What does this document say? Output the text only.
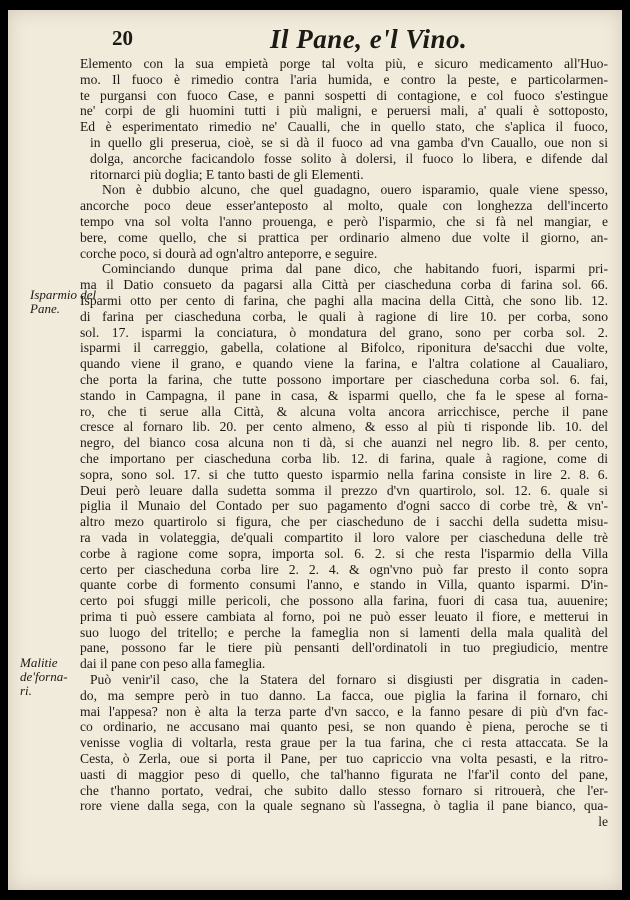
20	Il Pane, e'l Vino.
Isparmio del
Pane.
Malitie
de'forna-
ri.
Elemento con la sua empietà porge tal volta più, e sicuro medicamento all'Huo-
mo. Il fuoco è rimedio contra l'aria humida, e contro la peste, e particolarmen-
te purgansi con fuoco Case, e panni sospetti di contagione, e col fuoco s'estingue
ne' corpi de gli huomini tutti i più maligni, e peruersi mali, a' quali è sottoposto,
Ed è esperimentato rimedio ne' Caualli, che in quello stato, che s'aplica il fuoco,
in quello gli preserua, cioè, se si dà il fuoco ad vna gamba d'vn Cauallo, oue non si
dolga, ancorche facicandolo fosse solito à dolersi, il fuoco lo libera, e difende dal
ritornarci più doglia; E tanto basti de gli Elementi.
Non è dubbio alcuno, che quel guadagno, ouero isparamio, quale viene spesso,
ancorche poco deue esser'anteposto al molto, quale con longhezza dell'incerto
tempo vna sol volta l'anno prouenga, e però l'isparmio, che si fà nel mangiar, e
bere, come quello, che si prattica per ordinario almeno due volte il giorno, an-
corche poco, si dourà ad ogn'altro anteporre, e seguire.
Cominciando dunque prima dal pane dico, che habitando fuori, isparmi pri-
ma il Datio consueto da pagarsi alla Città per ciascheduna corba di farina sol. 66.
Isparmi otto per cento di farina, che paghi alla macina della Città, che sono lib. 12.
di farina per ciascheduna corba, le quali à ragione di lire 10. per corba, sono
sol. 17. isparmi la conciatura, ò mondatura del grano, sono per corba sol. 2.
isparmi il carreggio, gabella, colatione al Bifolco, riponitura de'sacchi due volte,
quando viene il grano, e quando viene la farina, e l'altra colatione al Caualiaro,
che porta la farina, che tutte possono importare per ciascheduna corba sol. 6. fai,
stando in Campagna, il pane in casa, & isparmi quello, che fa le spese al forna-
ro, che ti serue alla Città, & alcuna volta ancora arricchisce, perche il pane
cresce al fornaro lib. 20. per cento almeno, & esso al più ti risponde lib. 10. del
negro, del bianco cosa alcuna non ti dà, si che auanzi nel negro lib. 8. per cento,
che importano per ciascheduna corba lib. 12. di farina, quale à ragione, come di
sopra, sono sol. 17. si che tutto questo isparmio nella farina consiste in lire 2. 8. 6.
Deui però leuare dalla sudetta somma il prezzo d'vn quartirolo, sol. 12. 6. quale si
piglia il Munaio del Contado per suo pagamento d'ogni sacco di corbe trè, & vn'-
altro mezo quartirolo si figura, che per ciascheduno de i sacchi della sudetta misu-
ra vada in volateggia, de'quali compartito il loro valore per ciascheduna delle trè
corbe à ragione come sopra, importa sol. 6. 2. si che resta l'isparmio della Villa
certo per ciascheduna corba lire 2. 2. 4. & ogn'vno può far presto il conto sopra
quante corbe di formento consumi l'anno, e stando in Villa, quanto isparmi. D'in-
certo poi sfuggi mille pericoli, che possono alla farina, fuori di casa tua, auuenire;
prima ti può essere cambiata al forno, poi ne può esser leuato il fiore, e metterui in
suo luogo del tritello; e perche la fameglia non si lamenti della mala qualità del
pane, possono far le tiere più pensanti dell'ordinatoli in tuo pregiudicio, mentre
dai il pane con peso alla fameglia.
Può venir'il caso, che la Statera del fornaro si disgiusti per disgratia in caden-
do, ma sempre però in tuo danno. La facca, oue piglia la farina il fornaro, chi
mai l'appesa? non è alta la terza parte d'vn sacco, e la fanno pesare di più d'vn fac-
co ordinario, ne accusano mai quanto pesi, se non quando è piena, peroche se ti
venisse voglia di voltarla, resta graue per la tua farina, che ci resta attaccata. Se la
Cesta, ò Zerla, oue si porta il Pane, per tuo capriccio vna volta pesasti, e la ritro-
uasti di maggior peso di quello, che tal'hanno figurata ne l'far'il conto del pane,
che t'hanno portato, vedrai, che subito dallo stesso fornaro si ritrouerà, che l'er-
rore viene dalla sega, con la quale segnano sù l'assegna, ò taglia il pane bianco, qua-
le
